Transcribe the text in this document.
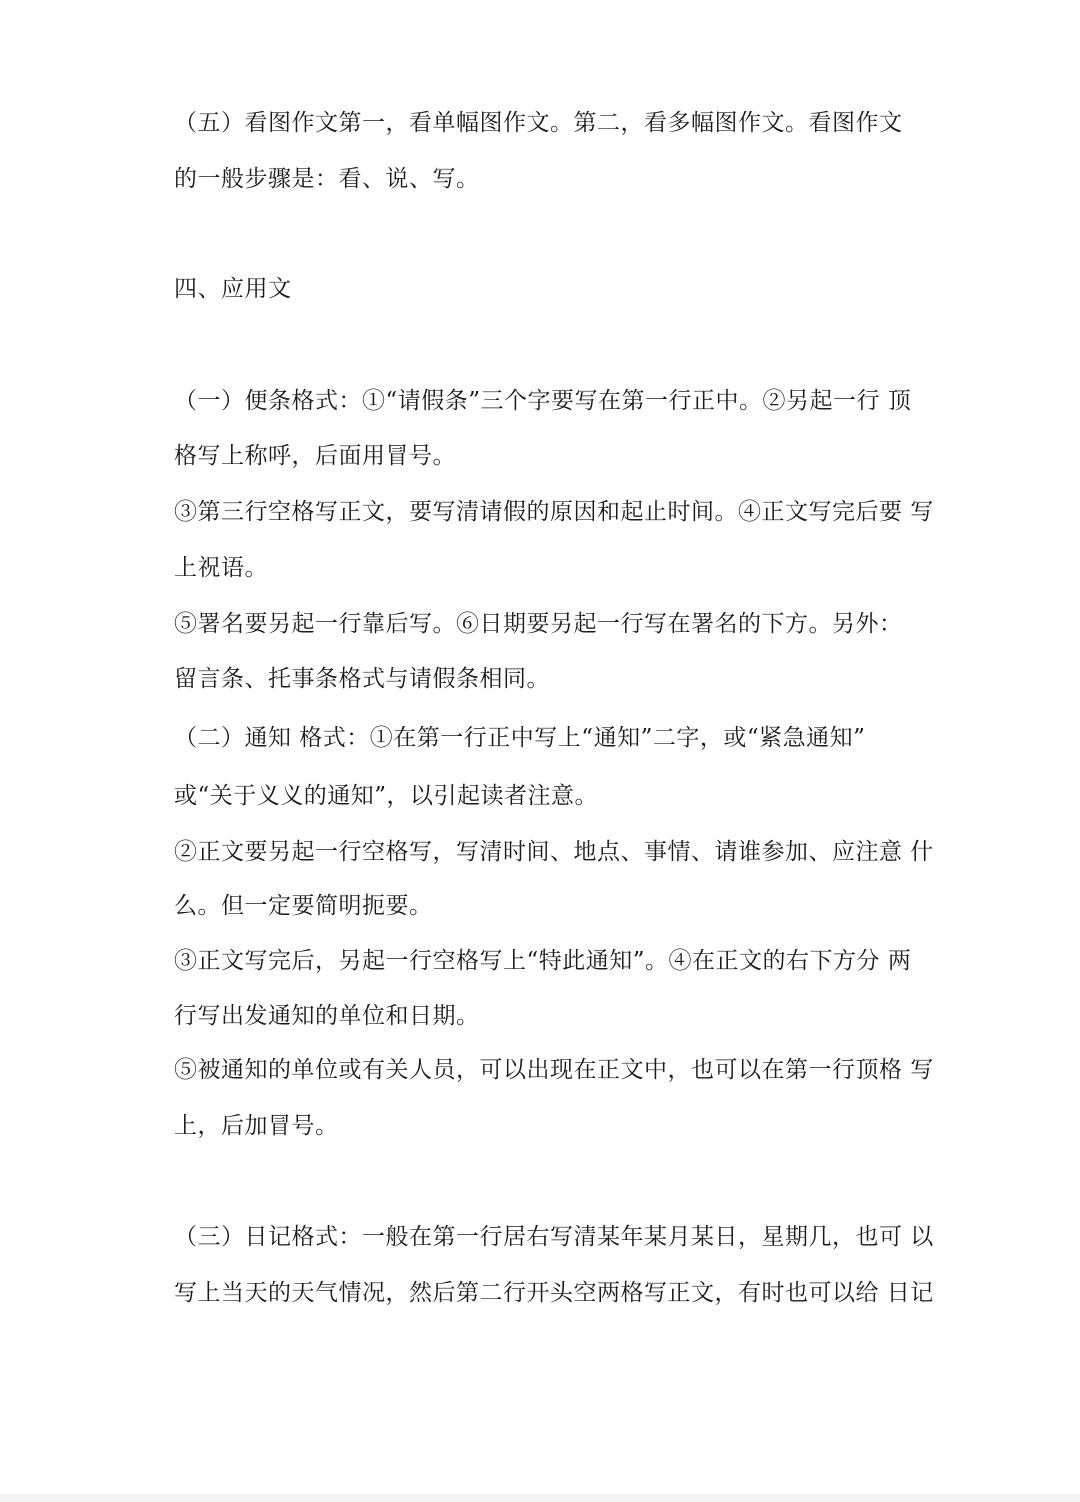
（五）看图作文第一，看单幅图作文。第二，看多幅图作文。看图作文
的一般步骤是：看、说、写。
四、应用文
（一）便条格式：①“请假条”三个字要写在第一行正中。②另起一行 顶
格写上称呼，后面用冒号。
③第三行空格写正文，要写清请假的原因和起止时间。④正文写完后要 写
上祝语。
⑤署名要另起一行靠后写。⑥日期要另起一行写在署名的下方。另外：
留言条、托事条格式与请假条相同。
（二）通知 格式：①在第一行正中写上“通知”二字，或“紧急通知”
或“关于义义的通知”，以引起读者注意。
②正文要另起一行空格写，写清时间、地点、事情、请谁参加、应注意 什
么。但一定要简明扼要。
③正文写完后，另起一行空格写上“特此通知”。④在正文的右下方分 两
行写出发通知的单位和日期。
⑤被通知的单位或有关人员，可以出现在正文中，也可以在第一行顶格 写
上，后加冒号。
（三）日记格式：一般在第一行居右写清某年某月某日，星期几，也可 以
写上当天的天气情况，然后第二行开头空两格写正文，有时也可以给 日记
